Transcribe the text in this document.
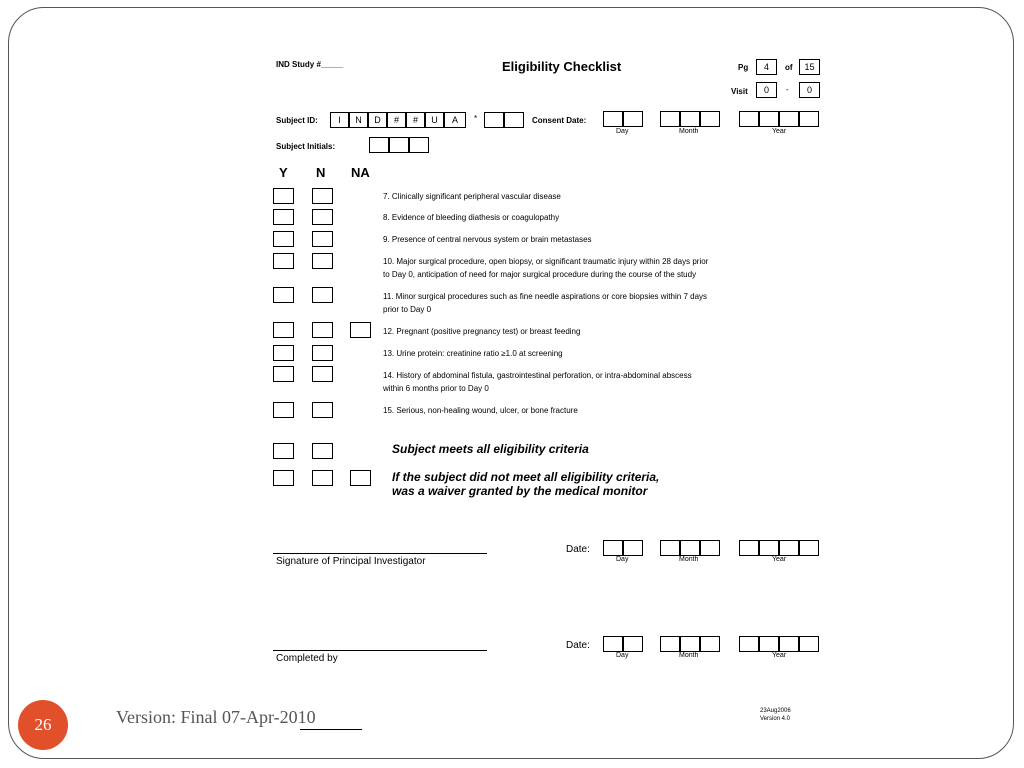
IND Study #_____	Eligibility Checklist	Pg	4	of	15
Visit	0	-	0
Subject ID:	I	N	D	#	#	U	A	*	Consent Date:
Day	Month	Year
Subject Initials:
Y N NA
7. Clinically significant peripheral vascular disease
8. Evidence of bleeding diathesis or coagulopathy
9. Presence of central nervous system or brain metastases
10. Major surgical procedure, open biopsy, or significant traumatic injury within 28 days prior
to Day 0, anticipation of need for major surgical procedure during the course of the study
11. Minor surgical procedures such as fine needle aspirations or core biopsies within 7 days
prior to Day 0
12. Pregnant (positive pregnancy test) or breast feeding
13. Urine protein: creatinine ratio ≥1.0 at screening
14. History of abdominal fistula, gastrointestinal perforation, or intra-abdominal abscess
within 6 months prior to Day 0
15. Serious, non-healing wound, ulcer, or bone fracture
Subject meets all eligibility criteria
If the subject did not meet all eligibility criteria,
was a waiver granted by the medical monitor
Signature of Principal Investigator
Date:
Day	Month	Year
Completed by
Date:
Day	Month	Year
23Aug2006
Version 4.0
26	Version: Final 07-Apr-2010
